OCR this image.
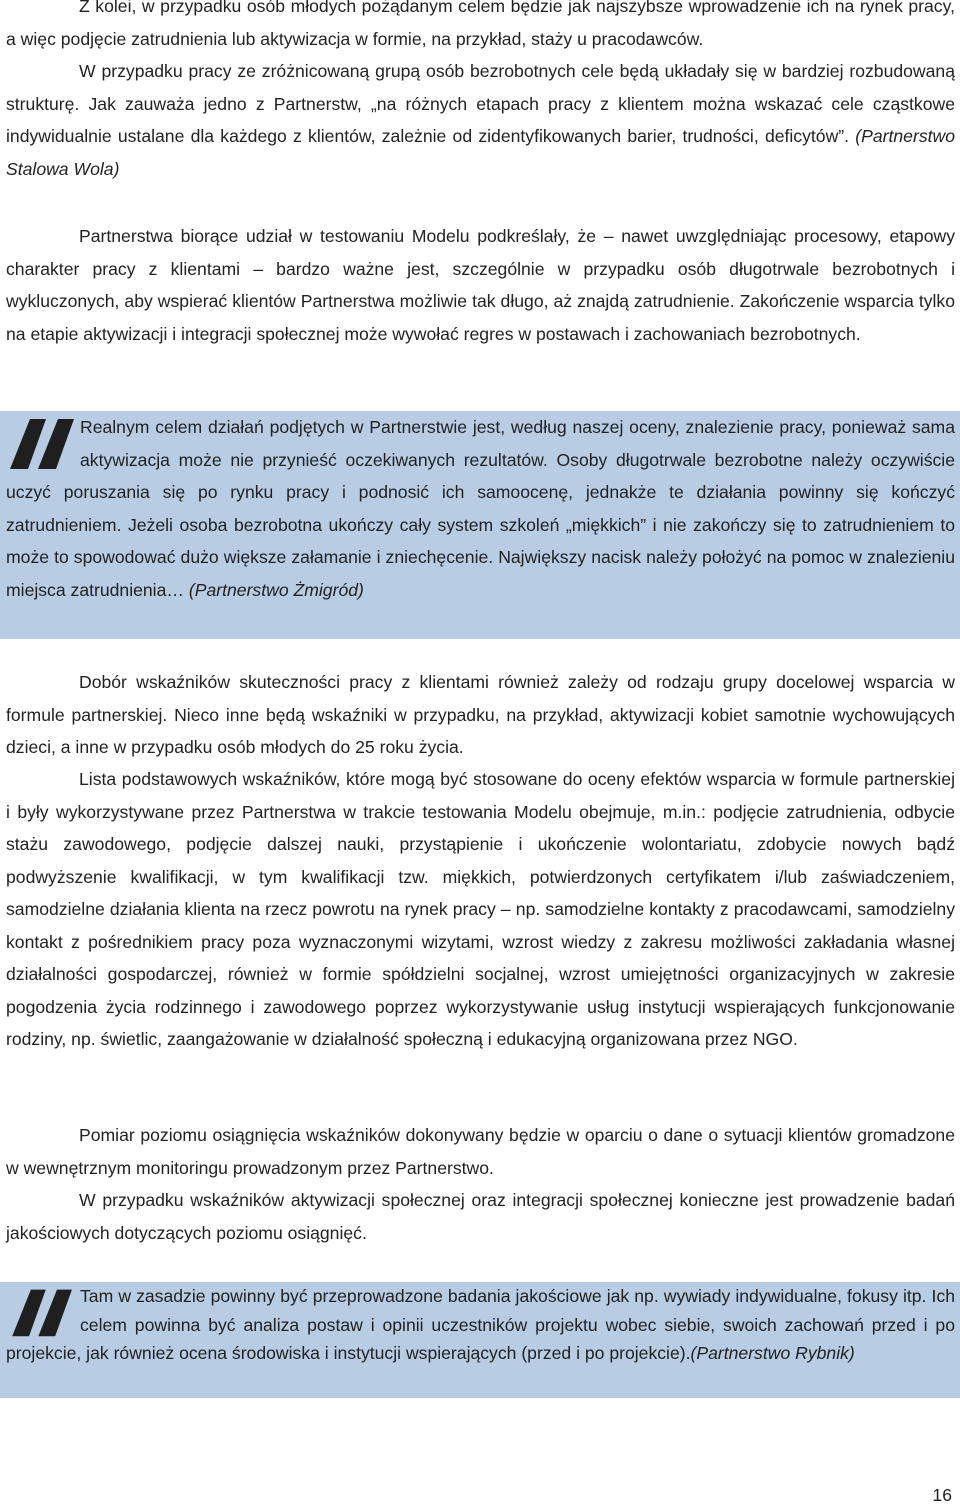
Z kolei, w przypadku osób młodych pożądanym celem będzie jak najszybsze wprowadzenie ich na rynek pracy, a więc podjęcie zatrudnienia lub aktywizacja w formie, na przykład, staży u pracodawców.
W przypadku pracy ze zróżnicowaną grupą osób bezrobotnych cele będą układały się w bardziej rozbudowaną strukturę. Jak zauważa jedno z Partnerstw, „na różnych etapach pracy z klientem można wskazać cele cząstkowe indywidualnie ustalane dla każdego z klientów, zależnie od zidentyfikowanych barier, trudności, deficytów”. (Partnerstwo Stalowa Wola)

Partnerstwa biorące udział w testowaniu Modelu podkreślały, że – nawet uwzględniając procesowy, etapowy charakter pracy z klientami – bardzo ważne jest, szczególnie w przypadku osób długotrwale bezrobotnych i wykluczonych, aby wspierać klientów Partnerstwa możliwie tak długo, aż znajdą zatrudnienie. Zakończenie wsparcia tylko na etapie aktywizacji i integracji społecznej może wywołać regres w postawach i zachowaniach bezrobotnych.

Realnym celem działań podjętych w Partnerstwie jest, według naszej oceny, znalezienie pracy, ponieważ sama aktywizacja może nie przynieść oczekiwanych rezultatów. Osoby długotrwale bezrobotne należy oczywiście uczyć poruszania się po rynku pracy i podnosić ich samoocenę, jednakże te działania powinny się kończyć zatrudnieniem. Jeżeli osoba bezrobotna ukończy cały system szkoleń „miękkich” i nie zakończy się to zatrudnieniem to może to spowodować dużo większe załamanie i zniechęcenie. Największy nacisk należy położyć na pomoc w znalezieniu miejsca zatrudnienia… (Partnerstwo Żmigród)

Dobór wskaźników skuteczności pracy z klientami również zależy od rodzaju grupy docelowej wsparcia w formule partnerskiej. Nieco inne będą wskaźniki w przypadku, na przykład, aktywizacji kobiet samotnie wychowujących dzieci, a inne w przypadku osób młodych do 25 roku życia.

Lista podstawowych wskaźników, które mogą być stosowane do oceny efektów wsparcia w formule partnerskiej i były wykorzystywane przez Partnerstwa w trakcie testowania Modelu obejmuje, m.in.: podjęcie zatrudnienia, odbycie stażu zawodowego, podjęcie dalszej nauki, przystąpienie i ukończenie wolontariatu, zdobycie nowych bądź podwyższenie kwalifikacji, w tym kwalifikacji tzw. miękkich, potwierdzonych certyfikatem i/lub zaświadczeniem, samodzielne działania klienta na rzecz powrotu na rynek pracy – np. samodzielne kontakty z pracodawcami, samodzielny kontakt z pośrednikiem pracy poza wyznaczonymi wizytami, wzrost wiedzy z zakresu możliwości zakładania własnej działalności gospodarczej, również w formie spółdzielni socjalnej, wzrost umiejętności organizacyjnych w zakresie pogodzenia życia rodzinnego i zawodowego poprzez wykorzystywanie usług instytucji wspierających funkcjonowanie rodziny, np. świetlic, zaangażowanie w działalność społeczną i edukacyjną organizowana przez NGO.

Pomiar poziomu osiągnięcia wskaźników dokonywany będzie w oparciu o dane o sytuacji klientów gromadzone w wewnętrznym monitoringu prowadzonym przez Partnerstwo.

W przypadku wskaźników aktywizacji społecznej oraz integracji społecznej konieczne jest prowadzenie badań jakościowych dotyczących poziomu osiągnięć.

Tam w zasadzie powinny być przeprowadzone badania jakościowe jak np. wywiady indywidualne, fokusy itp. Ich celem powinna być analiza postaw i opinii uczestników projektu wobec siebie, swoich zachowań przed i po projekcie, jak również ocena środowiska i instytucji wspierających (przed i po projekcie).(Partnerstwo Rybnik)

16
